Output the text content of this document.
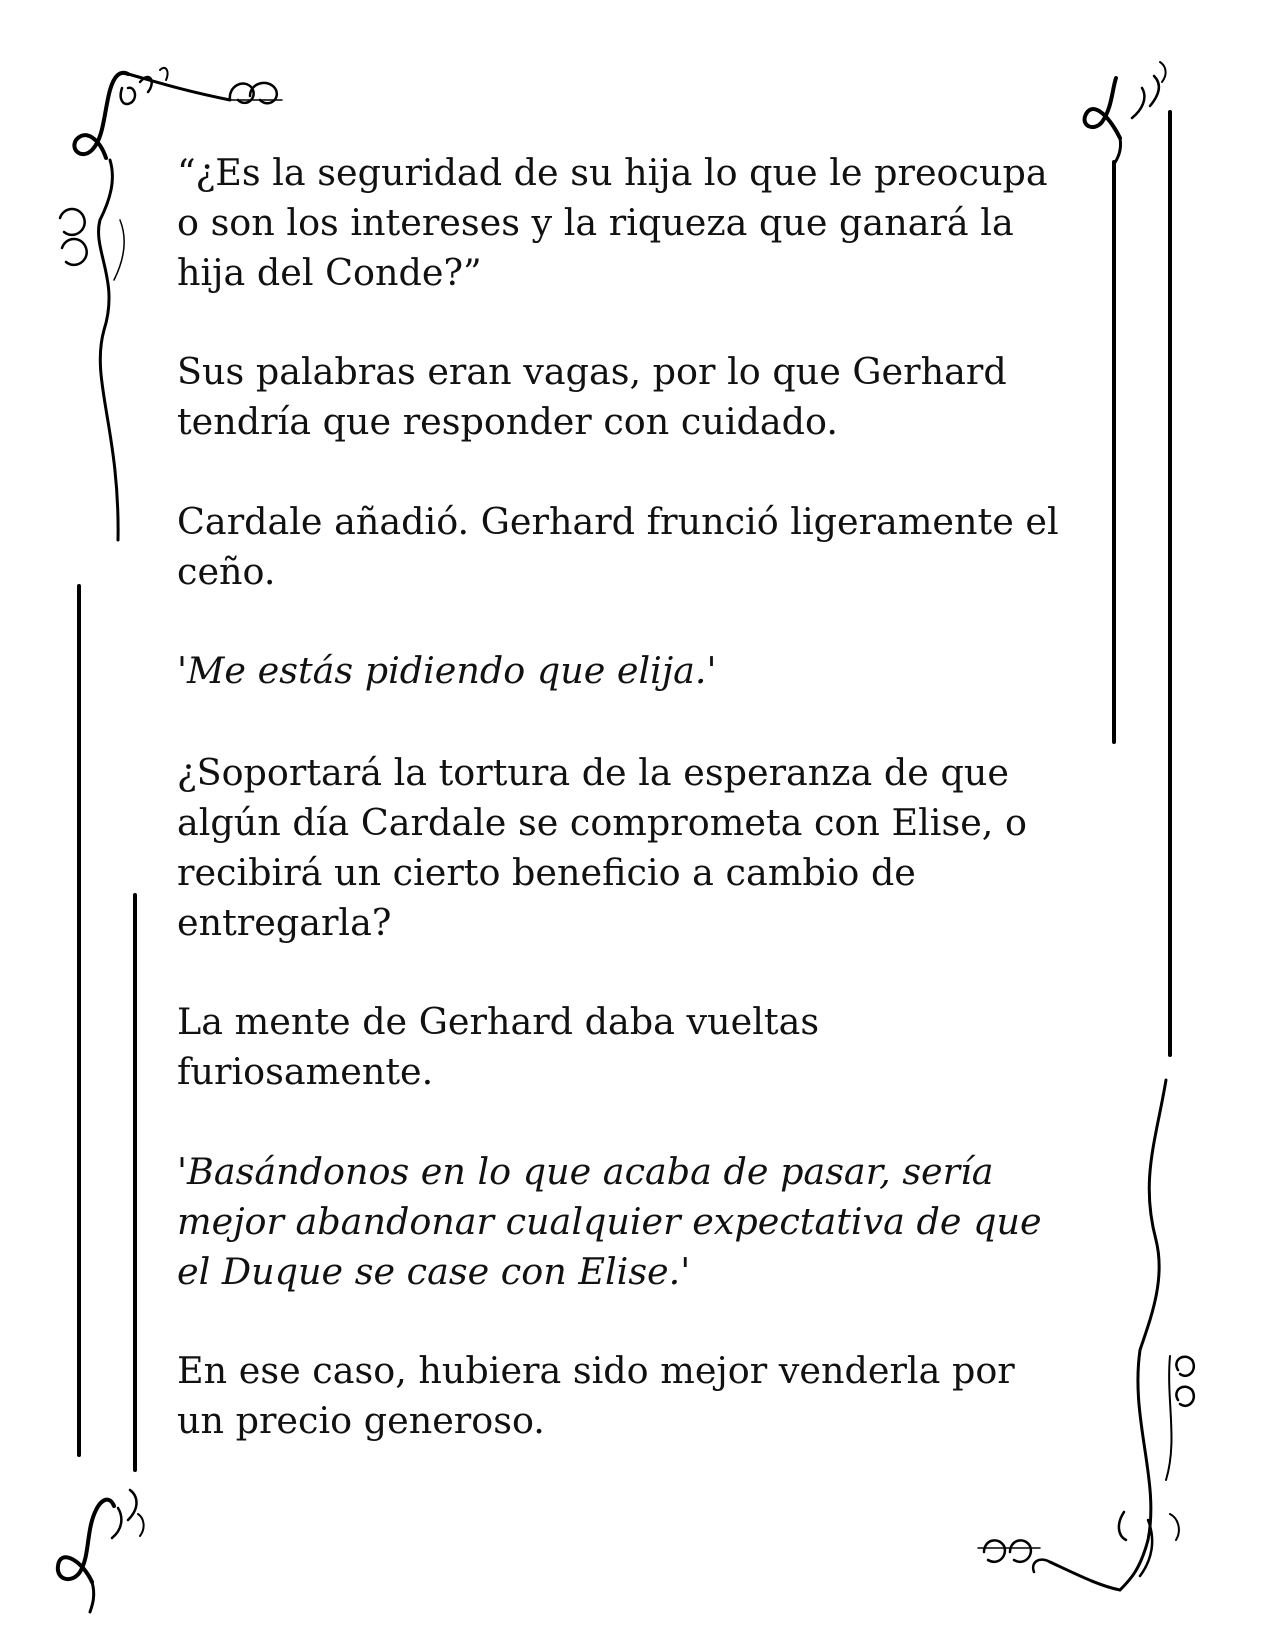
“¿Es la seguridad de su hija lo que le preocupa
o son los intereses y la riqueza que ganará la
hija del Conde?”

Sus palabras eran vagas, por lo que Gerhard
tendría que responder con cuidado.

Cardale añadió. Gerhard frunció ligeramente el
ceño.

'Me estás pidiendo que elija.'

¿Soportará la tortura de la esperanza de que
algún día Cardale se comprometa con Elise, o
recibirá un cierto beneficio a cambio de
entregarla?

La mente de Gerhard daba vueltas
furiosamente.

'Basándonos en lo que acaba de pasar, sería
mejor abandonar cualquier expectativa de que
el Duque se case con Elise.'

En ese caso, hubiera sido mejor venderla por
un precio generoso.
